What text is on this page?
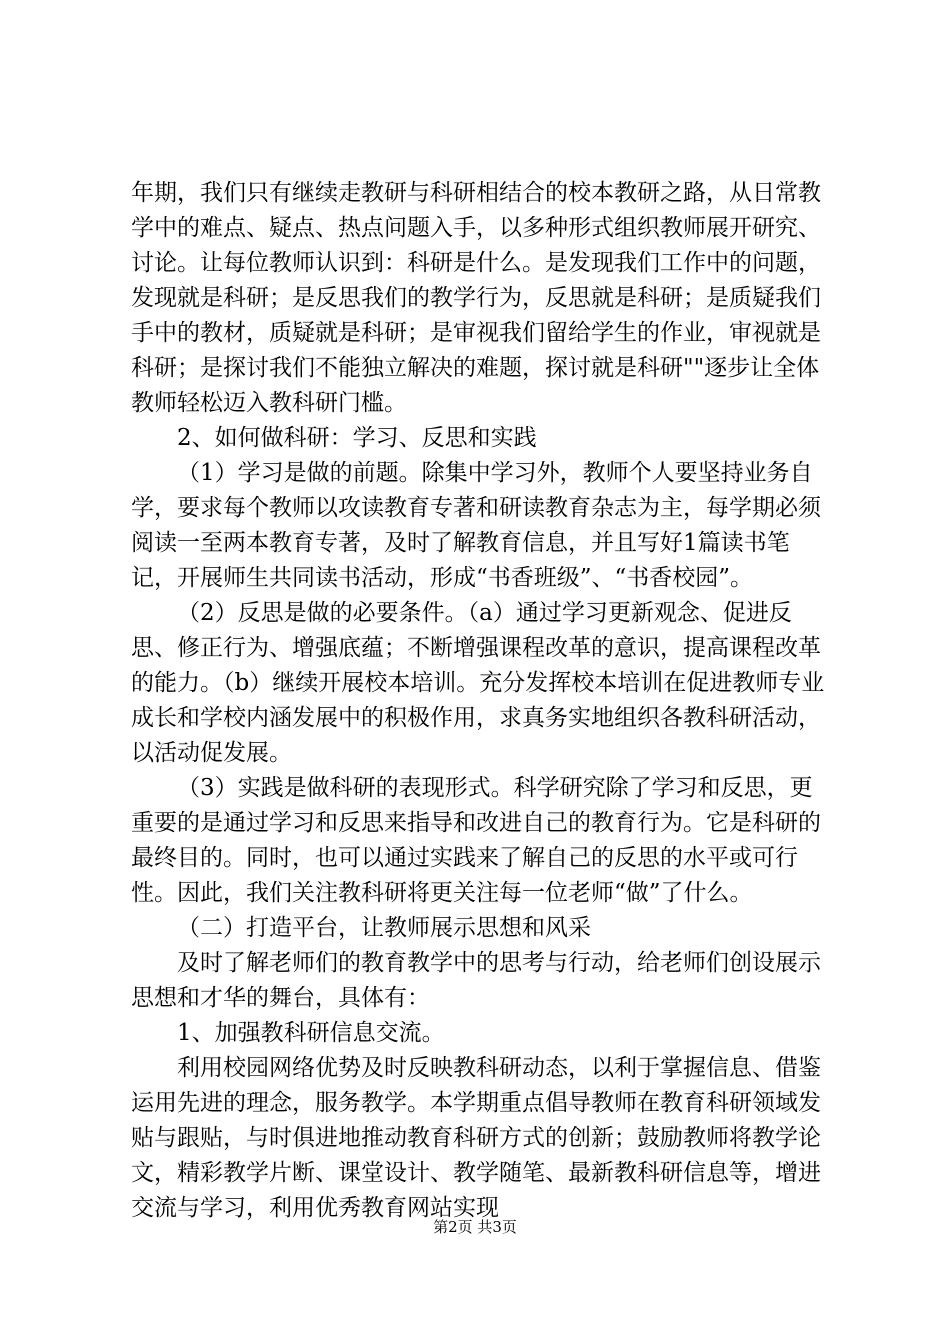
年期，我们只有继续走教研与科研相结合的校本教研之路，从日常教学中的难点、疑点、热点问题入手，以多种形式组织教师展开研究、讨论。让每位教师认识到：科研是什么。是发现我们工作中的问题，发现就是科研；是反思我们的教学行为，反思就是科研；是质疑我们手中的教材，质疑就是科研；是审视我们留给学生的作业，审视就是科研；是探讨我们不能独立解决的难题，探讨就是科研""逐步让全体教师轻松迈入教科研门槛。

2、如何做科研：学习、反思和实践

（1）学习是做的前题。除集中学习外，教师个人要坚持业务自学，要求每个教师以攻读教育专著和研读教育杂志为主，每学期必须阅读一至两本教育专著，及时了解教育信息，并且写好1篇读书笔记，开展师生共同读书活动，形成“书香班级”、“书香校园”。

（2）反思是做的必要条件。（a）通过学习更新观念、促进反思、修正行为、增强底蕴；不断增强课程改革的意识，提高课程改革的能力。（b）继续开展校本培训。充分发挥校本培训在促进教师专业成长和学校内涵发展中的积极作用，求真务实地组织各教科研活动，以活动促发展。

（3）实践是做科研的表现形式。科学研究除了学习和反思，更重要的是通过学习和反思来指导和改进自己的教育行为。它是科研的最终目的。同时，也可以通过实践来了解自己的反思的水平或可行性。因此，我们关注教科研将更关注每一位老师“做”了什么。

（二）打造平台，让教师展示思想和风采

及时了解老师们的教育教学中的思考与行动，给老师们创设展示思想和才华的舞台，具体有：

1、加强教科研信息交流。

利用校园网络优势及时反映教科研动态，以利于掌握信息、借鉴运用先进的理念，服务教学。本学期重点倡导教师在教育科研领域发贴与跟贴，与时俱进地推动教育科研方式的创新；鼓励教师将教学论文，精彩教学片断、课堂设计、教学随笔、最新教科研信息等，增进交流与学习，利用优秀教育网站实现

第2页 共3页
